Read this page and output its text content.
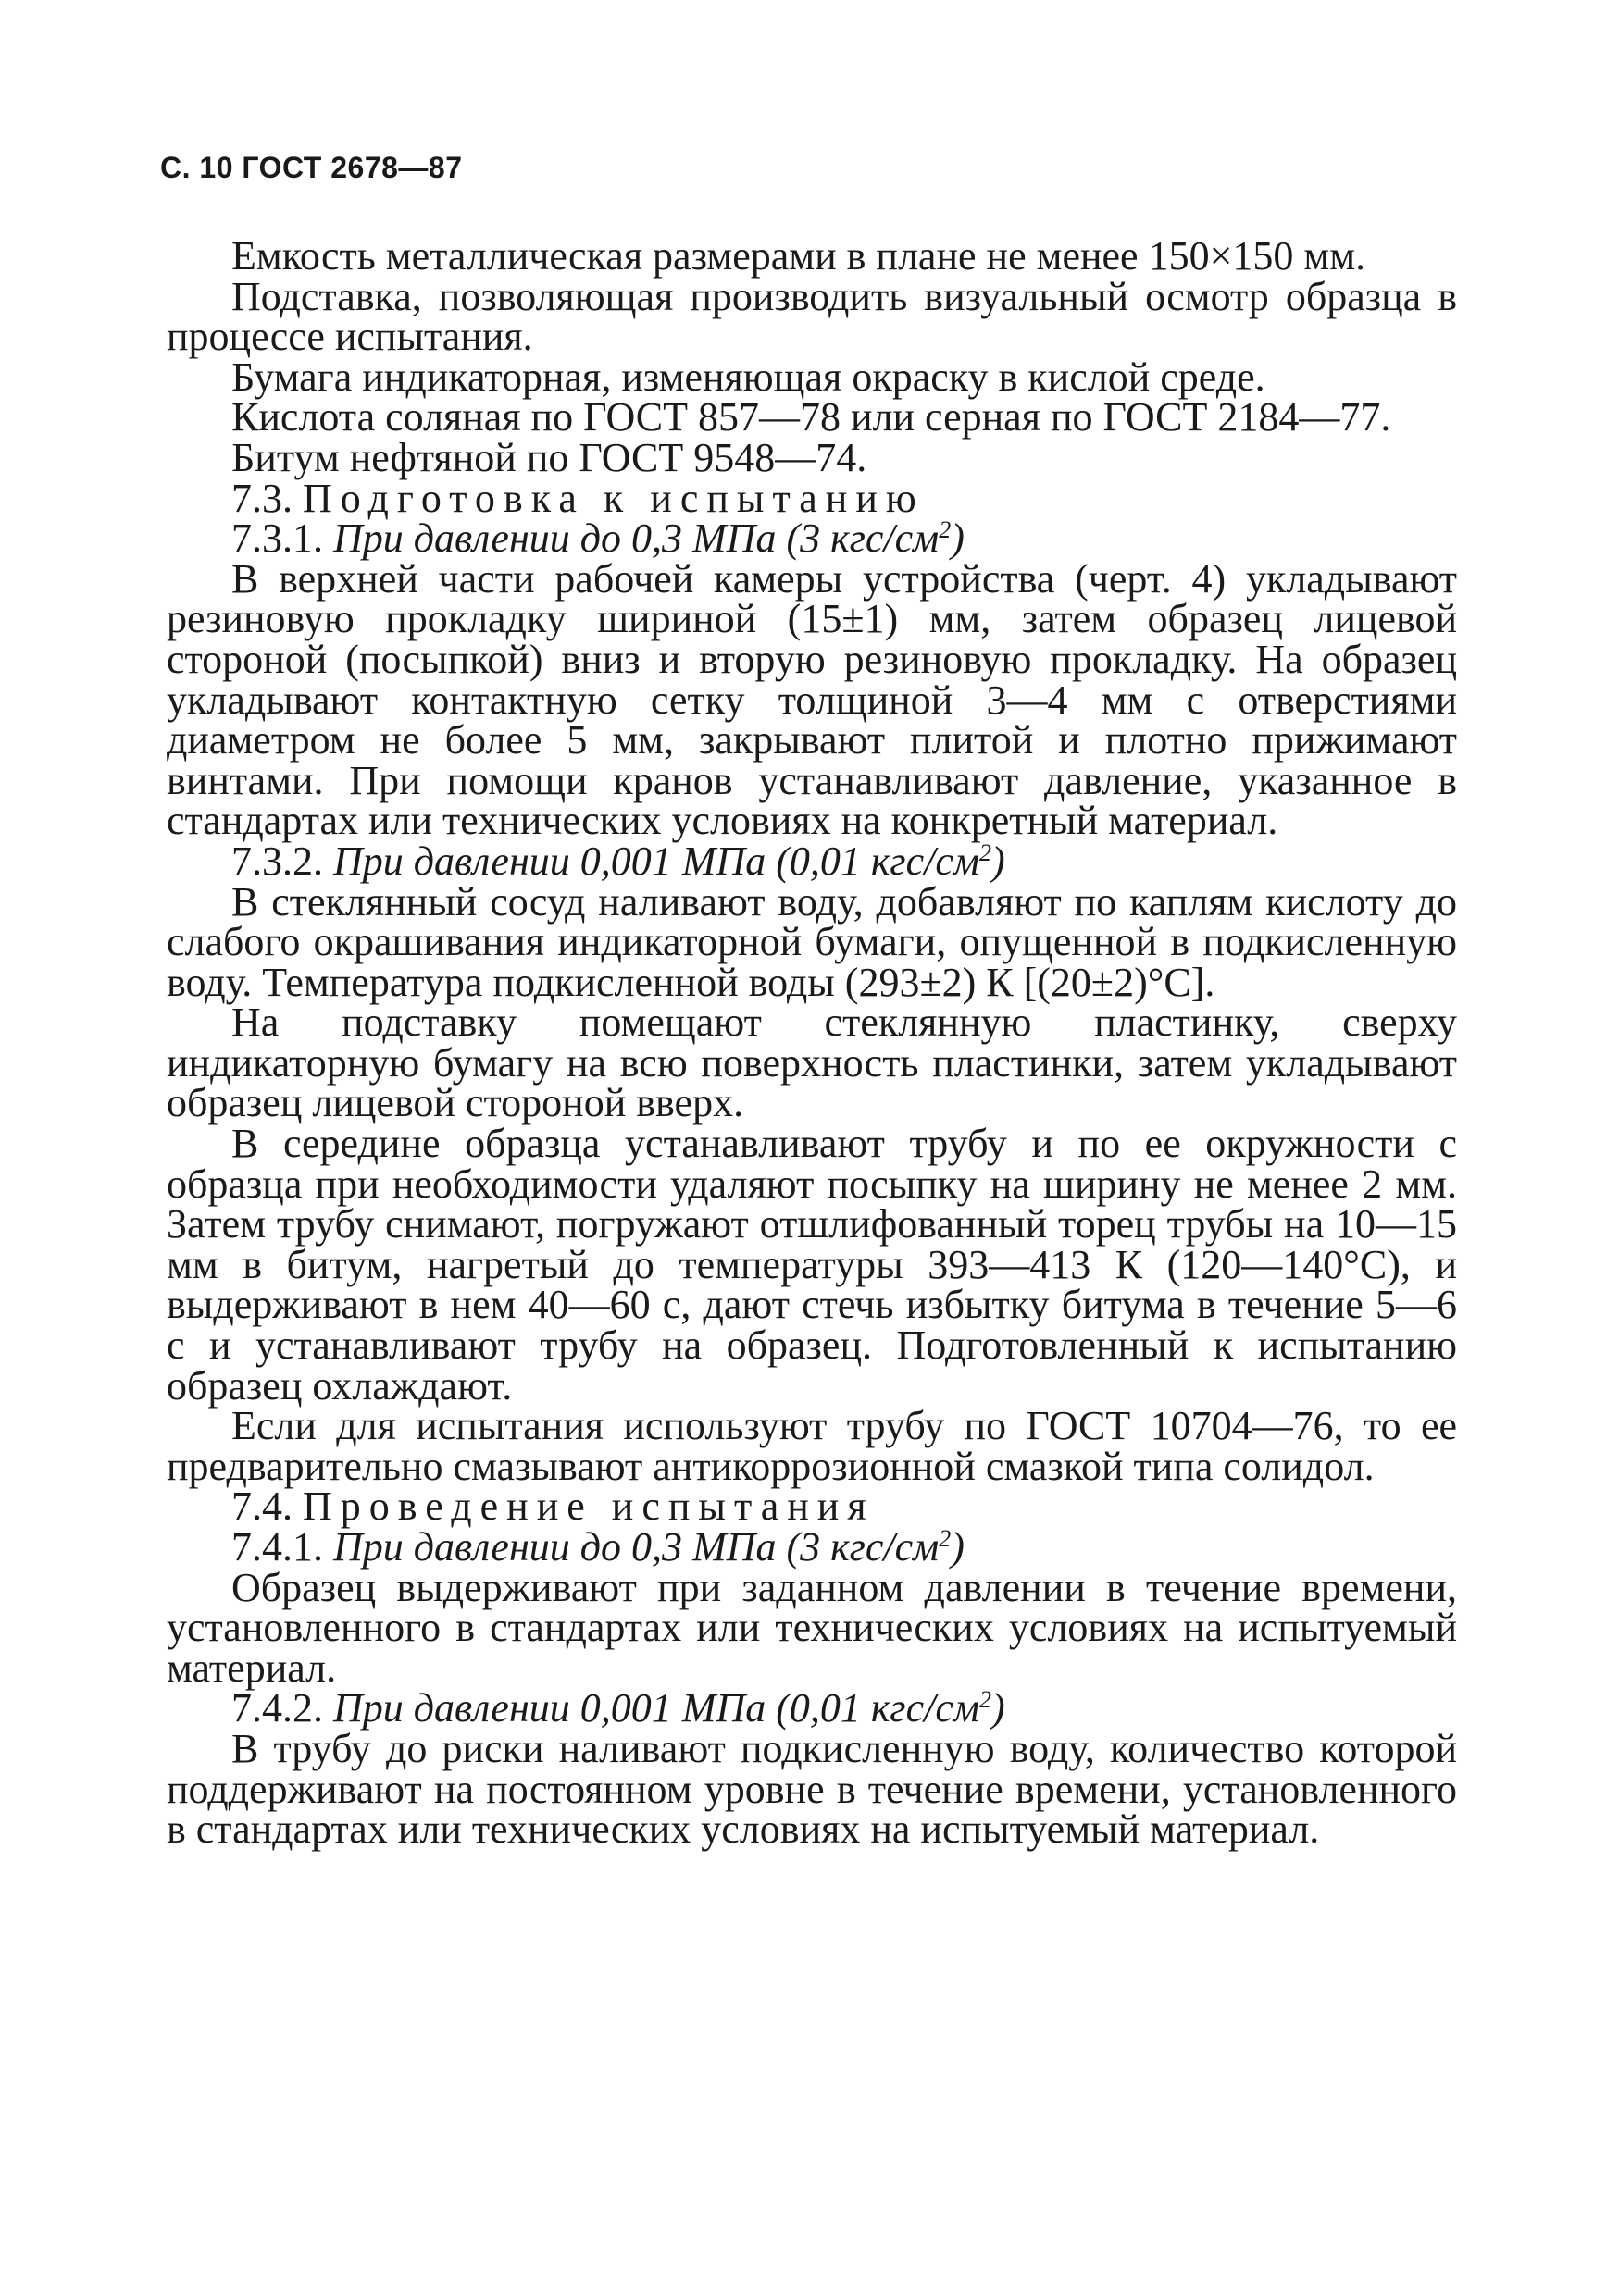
С. 10 ГОСТ 2678—87

Емкость металлическая размерами в плане не менее 150×150 мм.

Подставка, позволяющая производить визуальный осмотр образца в процессе испытания.

Бумага индикаторная, изменяющая окраску в кислой среде.

Кислота соляная по ГОСТ 857—78 или серная по ГОСТ 2184—77.

Битум нефтяной по ГОСТ 9548—74.

7.3. Подготовка к испытанию

7.3.1. При давлении до 0,3 МПа (3 кгс/$см^2$)

В верхней части рабочей камеры устройства (черт. 4) укладывают резиновую прокладку шириной (15±1) мм, затем образец лицевой стороной (посыпкой) вниз и вторую резиновую прокладку. На образец укладывают контактную сетку толщиной 3—4 мм с отверстиями диаметром не более 5 мм, закрывают плитой и плотно прижимают винтами. При помощи кранов устанавливают давление, указанное в стандартах или технических условиях на конкретный материал.

7.3.2. При давлении 0,001 МПа (0,01 кгс/$см^2$)

В стеклянный сосуд наливают воду, добавляют по каплям кислоту до слабого окрашивания индикаторной бумаги, опущенной в подкисленную воду. Температура подкисленной воды (293±2) К [(20±2)°С].

На подставку помещают стеклянную пластинку, сверху индикаторную бумагу на всю поверхность пластинки, затем укладывают образец лицевой стороной вверх.

В середине образца устанавливают трубу и по ее окружности с образца при необходимости удаляют посыпку на ширину не менее 2 мм. Затем трубу снимают, погружают отшлифованный торец трубы на 10—15 мм в битум, нагретый до температуры 393—413 К (120—140°С), и выдерживают в нем 40—60 с, дают стечь избытку битума в течение 5—6 с и устанавливают трубу на образец. Подготовленный к испытанию образец охлаждают.

Если для испытания используют трубу по ГОСТ 10704—76, то ее предварительно смазывают антикоррозионной смазкой типа солидол.

7.4. Проведение испытания

7.4.1. При давлении до 0,3 МПа (3 кгс/$см^2$)

Образец выдерживают при заданном давлении в течение времени, установленного в стандартах или технических условиях на испытуемый материал.

7.4.2. При давлении 0,001 МПа (0,01 кгс/$см^2$)

В трубу до риски наливают подкисленную воду, количество которой поддерживают на постоянном уровне в течение времени, установленного в стандартах или технических условиях на испытуемый материал.
